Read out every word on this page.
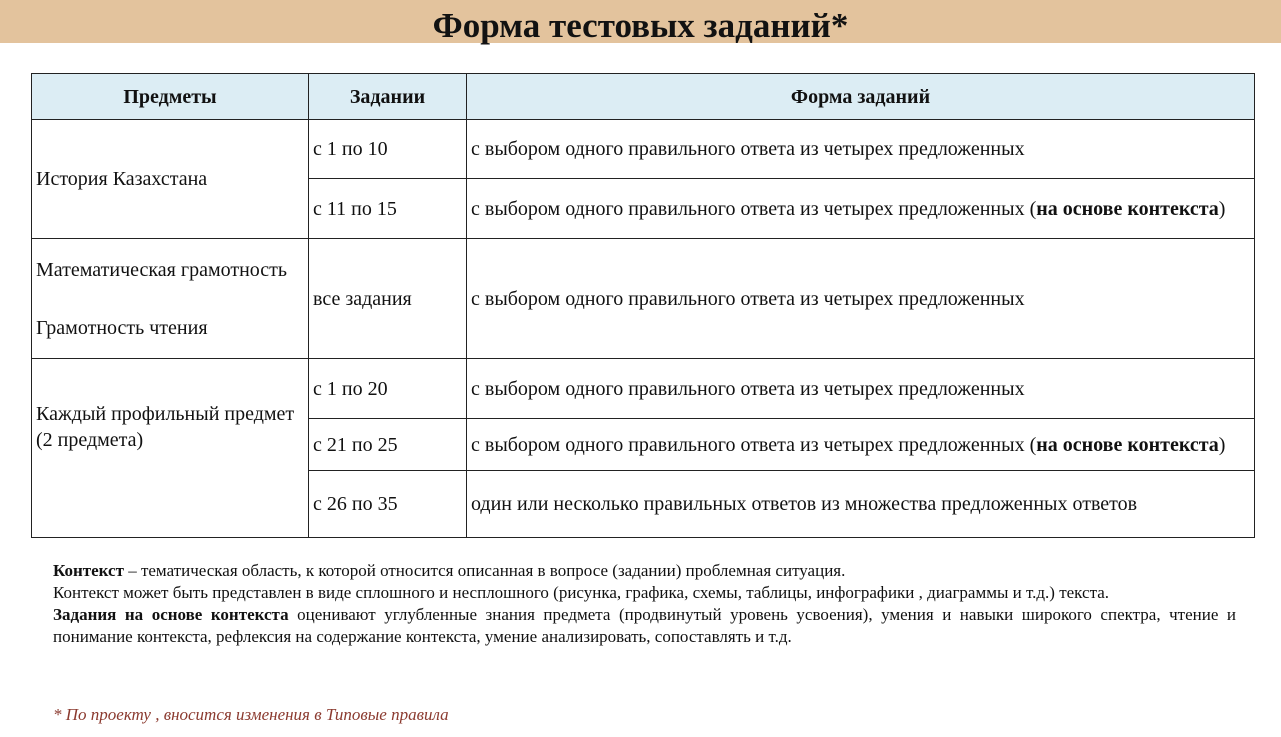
Форма тестовых заданий*
Предметы	Задании	Форма заданий
История Казахстана	с 1 по 10	с выбором одного правильного ответа из четырех предложенных
	с 11 по 15	с выбором одного правильного ответа из четырех предложенных (на основе контекста)

Математическая грамотность
Грамотность чтения	все задания	с выбором одного правильного ответа из четырех предложенных

Каждый профильный предмет (2 предмета)	с 1 по 20	с выбором одного правильного ответа из четырех предложенных
	с 21 по 25	с выбором одного правильного ответа из четырех предложенных (на основе контекста)
	с 26 по 35	один или несколько правильных ответов из множества предложенных ответов

Контекст – тематическая область, к которой относится описанная в вопросе (задании) проблемная ситуация.

Контекст может быть представлен в виде сплошного и несплошного (рисунка, графика, схемы, таблицы, инфографики , диаграммы и т.д.) текста.

Задания на основе контекста оценивают углубленные знания предмета (продвинутый уровень усвоения), умения и навыки широкого спектра, чтение и понимание контекста, рефлексия на содержание контекста, умение анализировать, сопоставлять и т.д.

* По проекту , вносится изменения в Типовые правила
